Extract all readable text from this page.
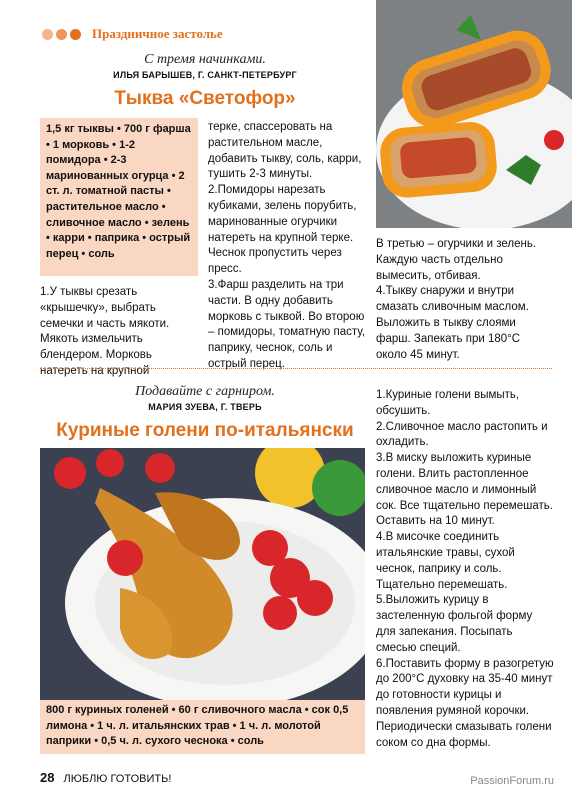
Праздничное застолье
С тремя начинками.
ИЛЬЯ БАРЫШЕВ, Г. САНКТ-ПЕТЕРБУРГ
Тыква «Светофор»
1,5 кг тыквы • 700 г фарша • 1 морковь • 1-2 помидора • 2-3 маринованных огурца • 2 ст. л. томатной пасты • растительное масло • сливочное масло • зелень • карри • паприка • острый перец • соль

1.У тыквы срезать «крышечку», выбрать семечки и часть мякоти. Мякоть измельчить блендером. Морковь натереть на крупной

терке, спассеровать на растительном масле, добавить тыкву, соль, карри, тушить 2-3 минуты.

2.Помидоры нарезать кубиками, зелень порубить, маринованные огурчики натереть на крупной терке. Чеснок пропустить через пресс.

3.Фарш разделить на три части. В одну добавить морковь с тыквой. Во второю – помидоры, томатную пасту, паприку, чеснок, соль и острый перец.

В третью – огурчики и зелень. Каждую часть отдельно вымесить, отбивая.

4.Тыкву снаружи и внутри смазать сливочным маслом. Выложить в тыкву слоями фарш. Запекать при 180°С около 45 минут.

Подавайте с гарниром.
МАРИЯ ЗУЕВА, Г. ТВЕРЬ
Куриные голени по-итальянски
800 г куриных голеней • 60 г сливочного масла • сок 0,5 лимона • 1 ч. л. итальянских трав • 1 ч. л. молотой паприки • 0,5 ч. л. сухого чеснока • соль

1.Куриные голени вымыть, обсушить.

2.Сливочное масло растопить и охладить.

3.В миску выложить куриные голени. Влить растопленное сливочное масло и лимонный сок. Все тщательно перемешать. Оставить на 10 минут.

4.В мисочке соединить итальянские травы, сухой чеснок, паприку и соль. Тщательно перемешать.

5.Выложить курицу в застеленную фольгой форму для запекания. Посыпать смесью специй.

6.Поставить форму в разогретую до 200°С духовку на 35-40 минут до готовности курицы и появления румяной корочки. Периодически смазывать голени соком со дна формы.

28 ЛЮБЛЮ ГОТОВИТЬ!	PassionForum.ru
